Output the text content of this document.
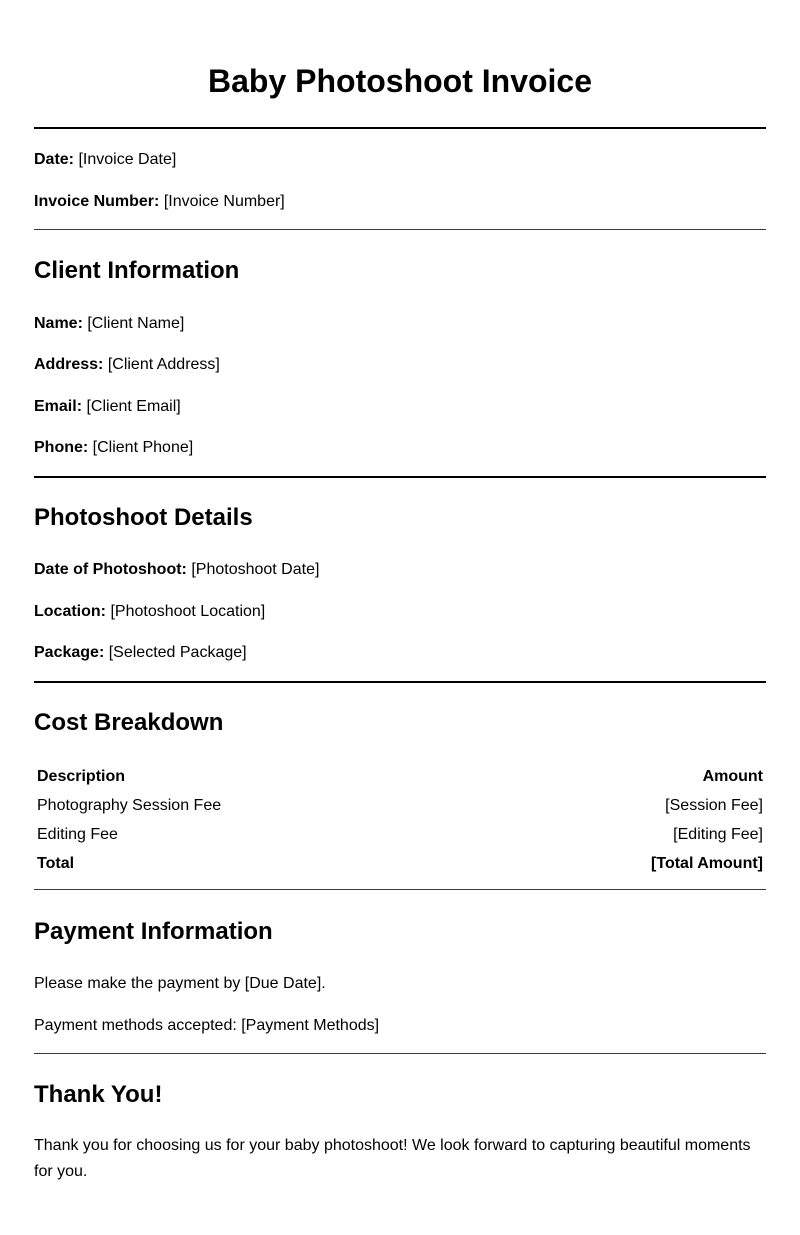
Baby Photoshoot Invoice
Date: [Invoice Date]
Invoice Number: [Invoice Number]
Client Information
Name: [Client Name]
Address: [Client Address]
Email: [Client Email]
Phone: [Client Phone]
Photoshoot Details
Date of Photoshoot: [Photoshoot Date]
Location: [Photoshoot Location]
Package: [Selected Package]
Cost Breakdown
Description	Amount
Photography Session Fee	[Session Fee]
Editing Fee	[Editing Fee]
Total	[Total Amount]
Payment Information
Please make the payment by [Due Date].
Payment methods accepted: [Payment Methods]
Thank You!
Thank you for choosing us for your baby photoshoot! We look forward to capturing beautiful moments for you.
